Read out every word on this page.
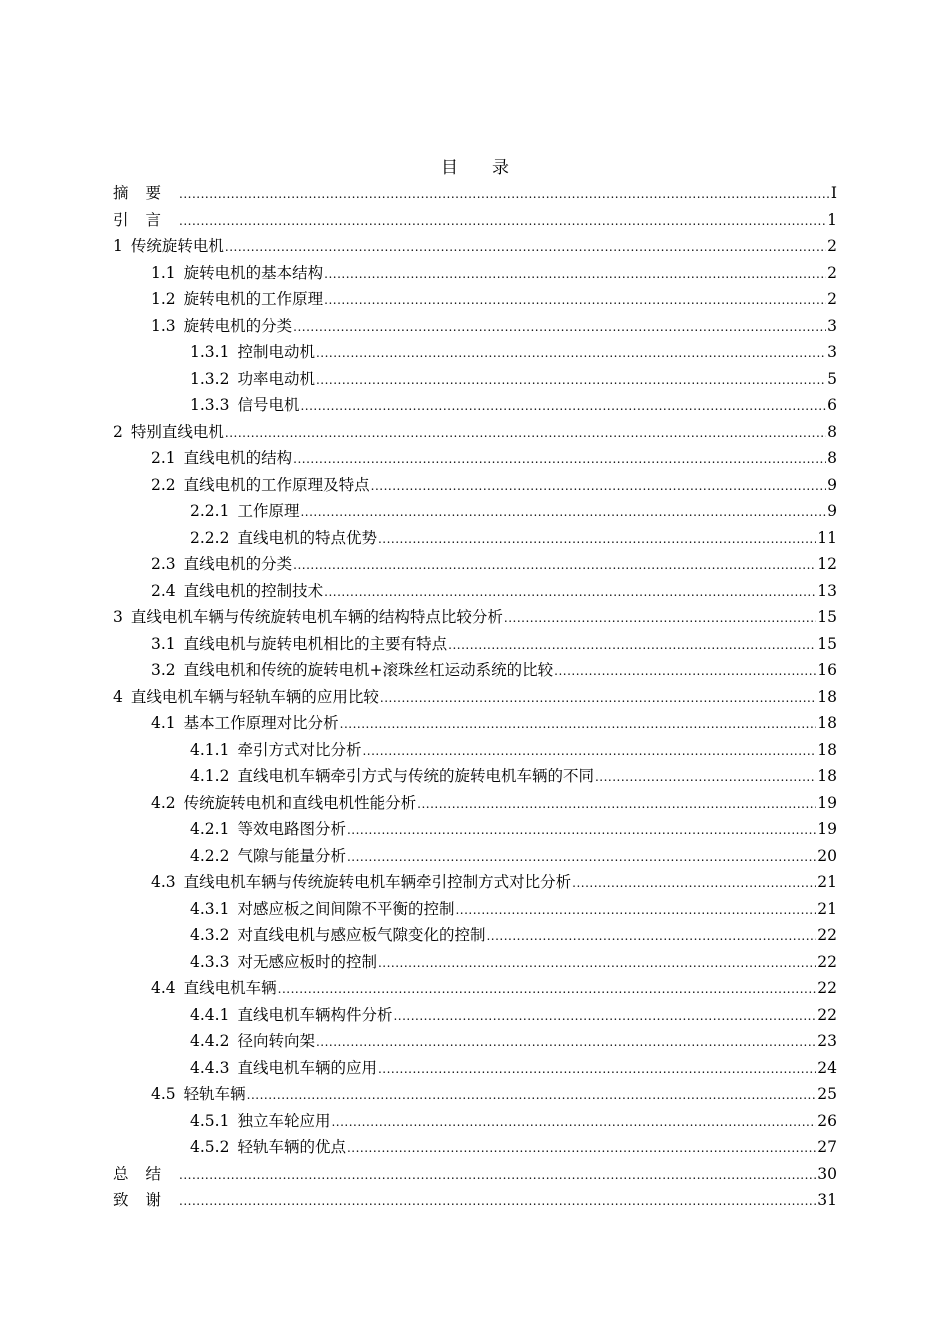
目 录
摘要 .....	I
引言 .....	1
1 传统旋转电机 .....	2
1.1 旋转电机的基本结构 .....	2
1.2 旋转电机的工作原理 .....	2
1.3 旋转电机的分类 .....	3
1.3.1 控制电动机 .....	3
1.3.2 功率电动机 .....	5
1.3.3 信号电机 .....	6
2 特别直线电机 .....	8
2.1 直线电机的结构 .....	8
2.2 直线电机的工作原理及特点 .....	9
2.2.1 工作原理 .....	9
2.2.2 直线电机的特点优势 .....	11
2.3 直线电机的分类 .....	12
2.4 直线电机的控制技术 .....	13
3 直线电机车辆与传统旋转电机车辆的结构特点比较分析 .....	15
3.1 直线电机与旋转电机相比的主要有特点 .....	15
3.2 直线电机和传统的旋转电机+滚珠丝杠运动系统的比较 .....	16
4 直线电机车辆与轻轨车辆的应用比较 .....	18
4.1 基本工作原理对比分析 .....	18
4.1.1 牵引方式对比分析 .....	18
4.1.2 直线电机车辆牵引方式与传统的旋转电机车辆的不同 .....	18
4.2 传统旋转电机和直线电机性能分析 .....	19
4.2.1 等效电路图分析 .....	19
4.2.2 气隙与能量分析 .....	20
4.3 直线电机车辆与传统旋转电机车辆牵引控制方式对比分析 .....	21
4.3.1 对感应板之间间隙不平衡的控制 .....	21
4.3.2 对直线电机与感应板气隙变化的控制 .....	22
4.3.3 对无感应板时的控制 .....	22
4.4 直线电机车辆 .....	22
4.4.1 直线电机车辆构件分析 .....	22
4.4.2 径向转向架 .....	23
4.4.3 直线电机车辆的应用 .....	24
4.5 轻轨车辆 .....	25
4.5.1 独立车轮应用 .....	26
4.5.2 轻轨车辆的优点 .....	27
总结 .....	30
致谢 .....	31
